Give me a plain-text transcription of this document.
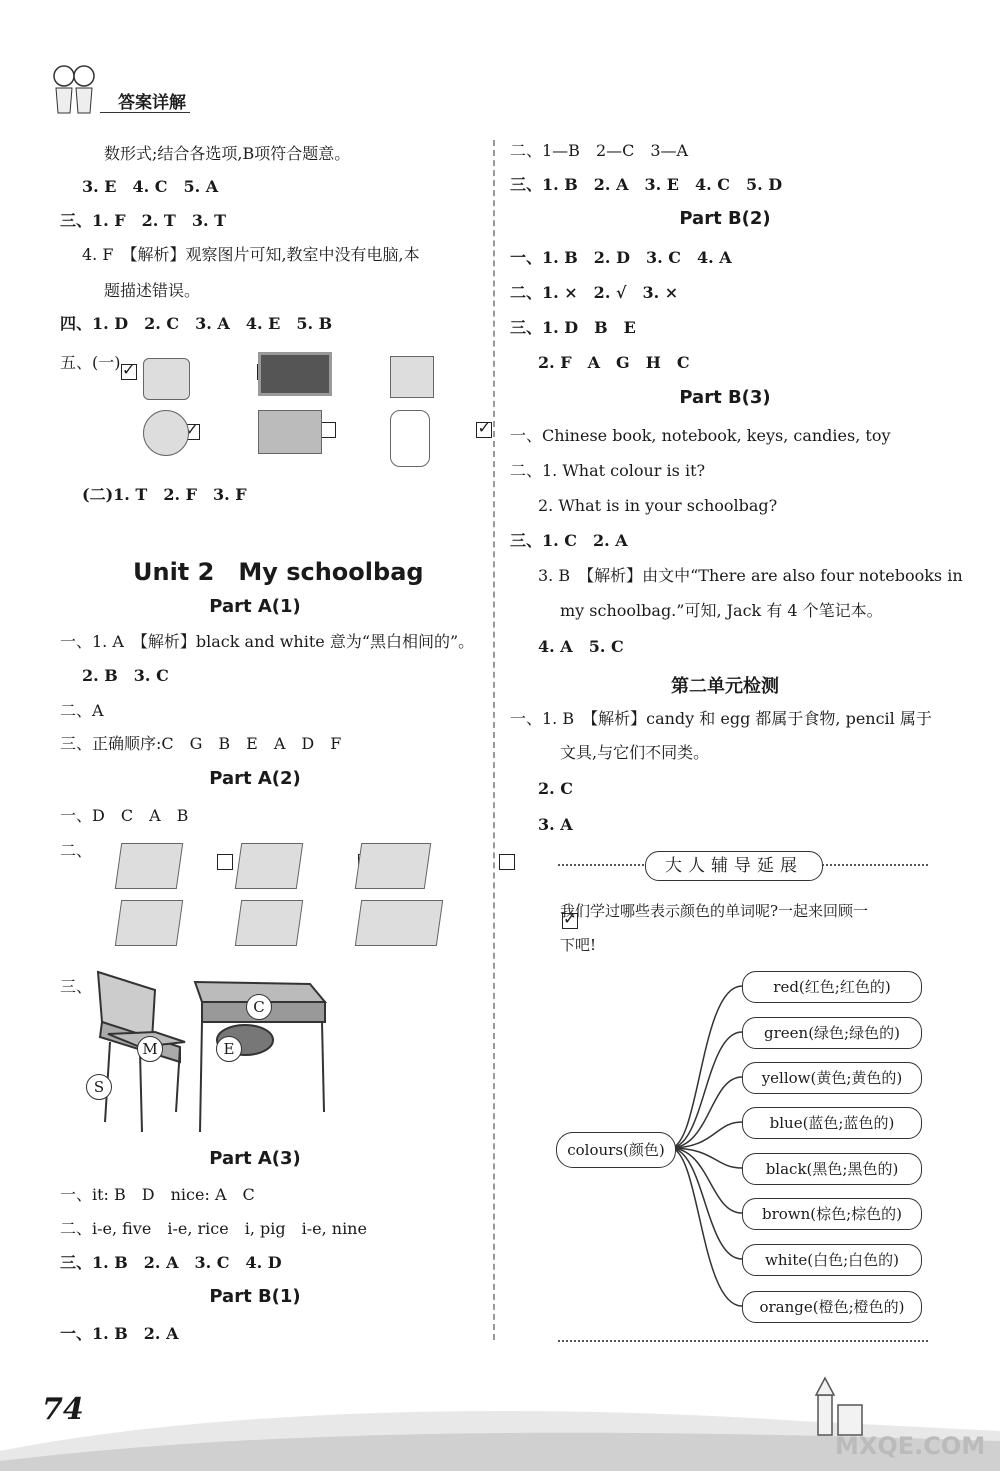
答案详解
数形式;结合各选项,B项符合题意。
3. E　4. C　5. A
三、1. F　2. T　3. T
4. F　【解析】观察图片可知,教室中没有电脑,本
题描述错误。
四、1. D　2. C　3. A　4. E　5. B
五、(一)
✓
✓

✓

✓
(二)1. T　2. F　3. F
Unit 2　My schoolbag
Part A(1)
一、1. A　【解析】black and white 意为“黑白相间的”。
2. B　3. C
二、A
三、正确顺序:C　G　B　E　A　D　F
Part A(2)
一、D　C　A　B
二、

✓

✓
✓
✓
三、
C
M	E
S
Part A(3)
一、it: B　D　nice: A　C
二、i-e, five　i-e, rice　i, pig　i-e, nine
三、1. B　2. A　3. C　4. D
Part B(1)
一、1. B　2. A
二、1—B　2—C　3—A
三、1. B　2. A　3. E　4. C　5. D
Part B(2)
一、1. B　2. D　3. C　4. A
二、1. ×　2. √　3. ×
三、1. D　B　E
2. F　A　G　H　C
Part B(3)
一、Chinese book, notebook, keys, candies, toy
二、1. What colour is it?
2. What is in your schoolbag?
三、1. C　2. A
3. B　【解析】由文中“There are also four notebooks in
my schoolbag.”可知, Jack 有 4 个笔记本。
4. A　5. C
第二单元检测
一、1. B　【解析】candy 和 egg 都属于食物, pencil 属于
文具,与它们不同类。
2. C
3. A
大人辅导延展
我们学过哪些表示颜色的单词呢?一起来回顾一
下吧!
colours(颜色)
red(红色;红色的)
green(绿色;绿色的)
yellow(黄色;黄色的)
blue(蓝色;蓝色的)
black(黑色;黑色的)
brown(棕色;棕色的)
white(白色;白色的)
orange(橙色;橙色的)
74
MXQE.COM
